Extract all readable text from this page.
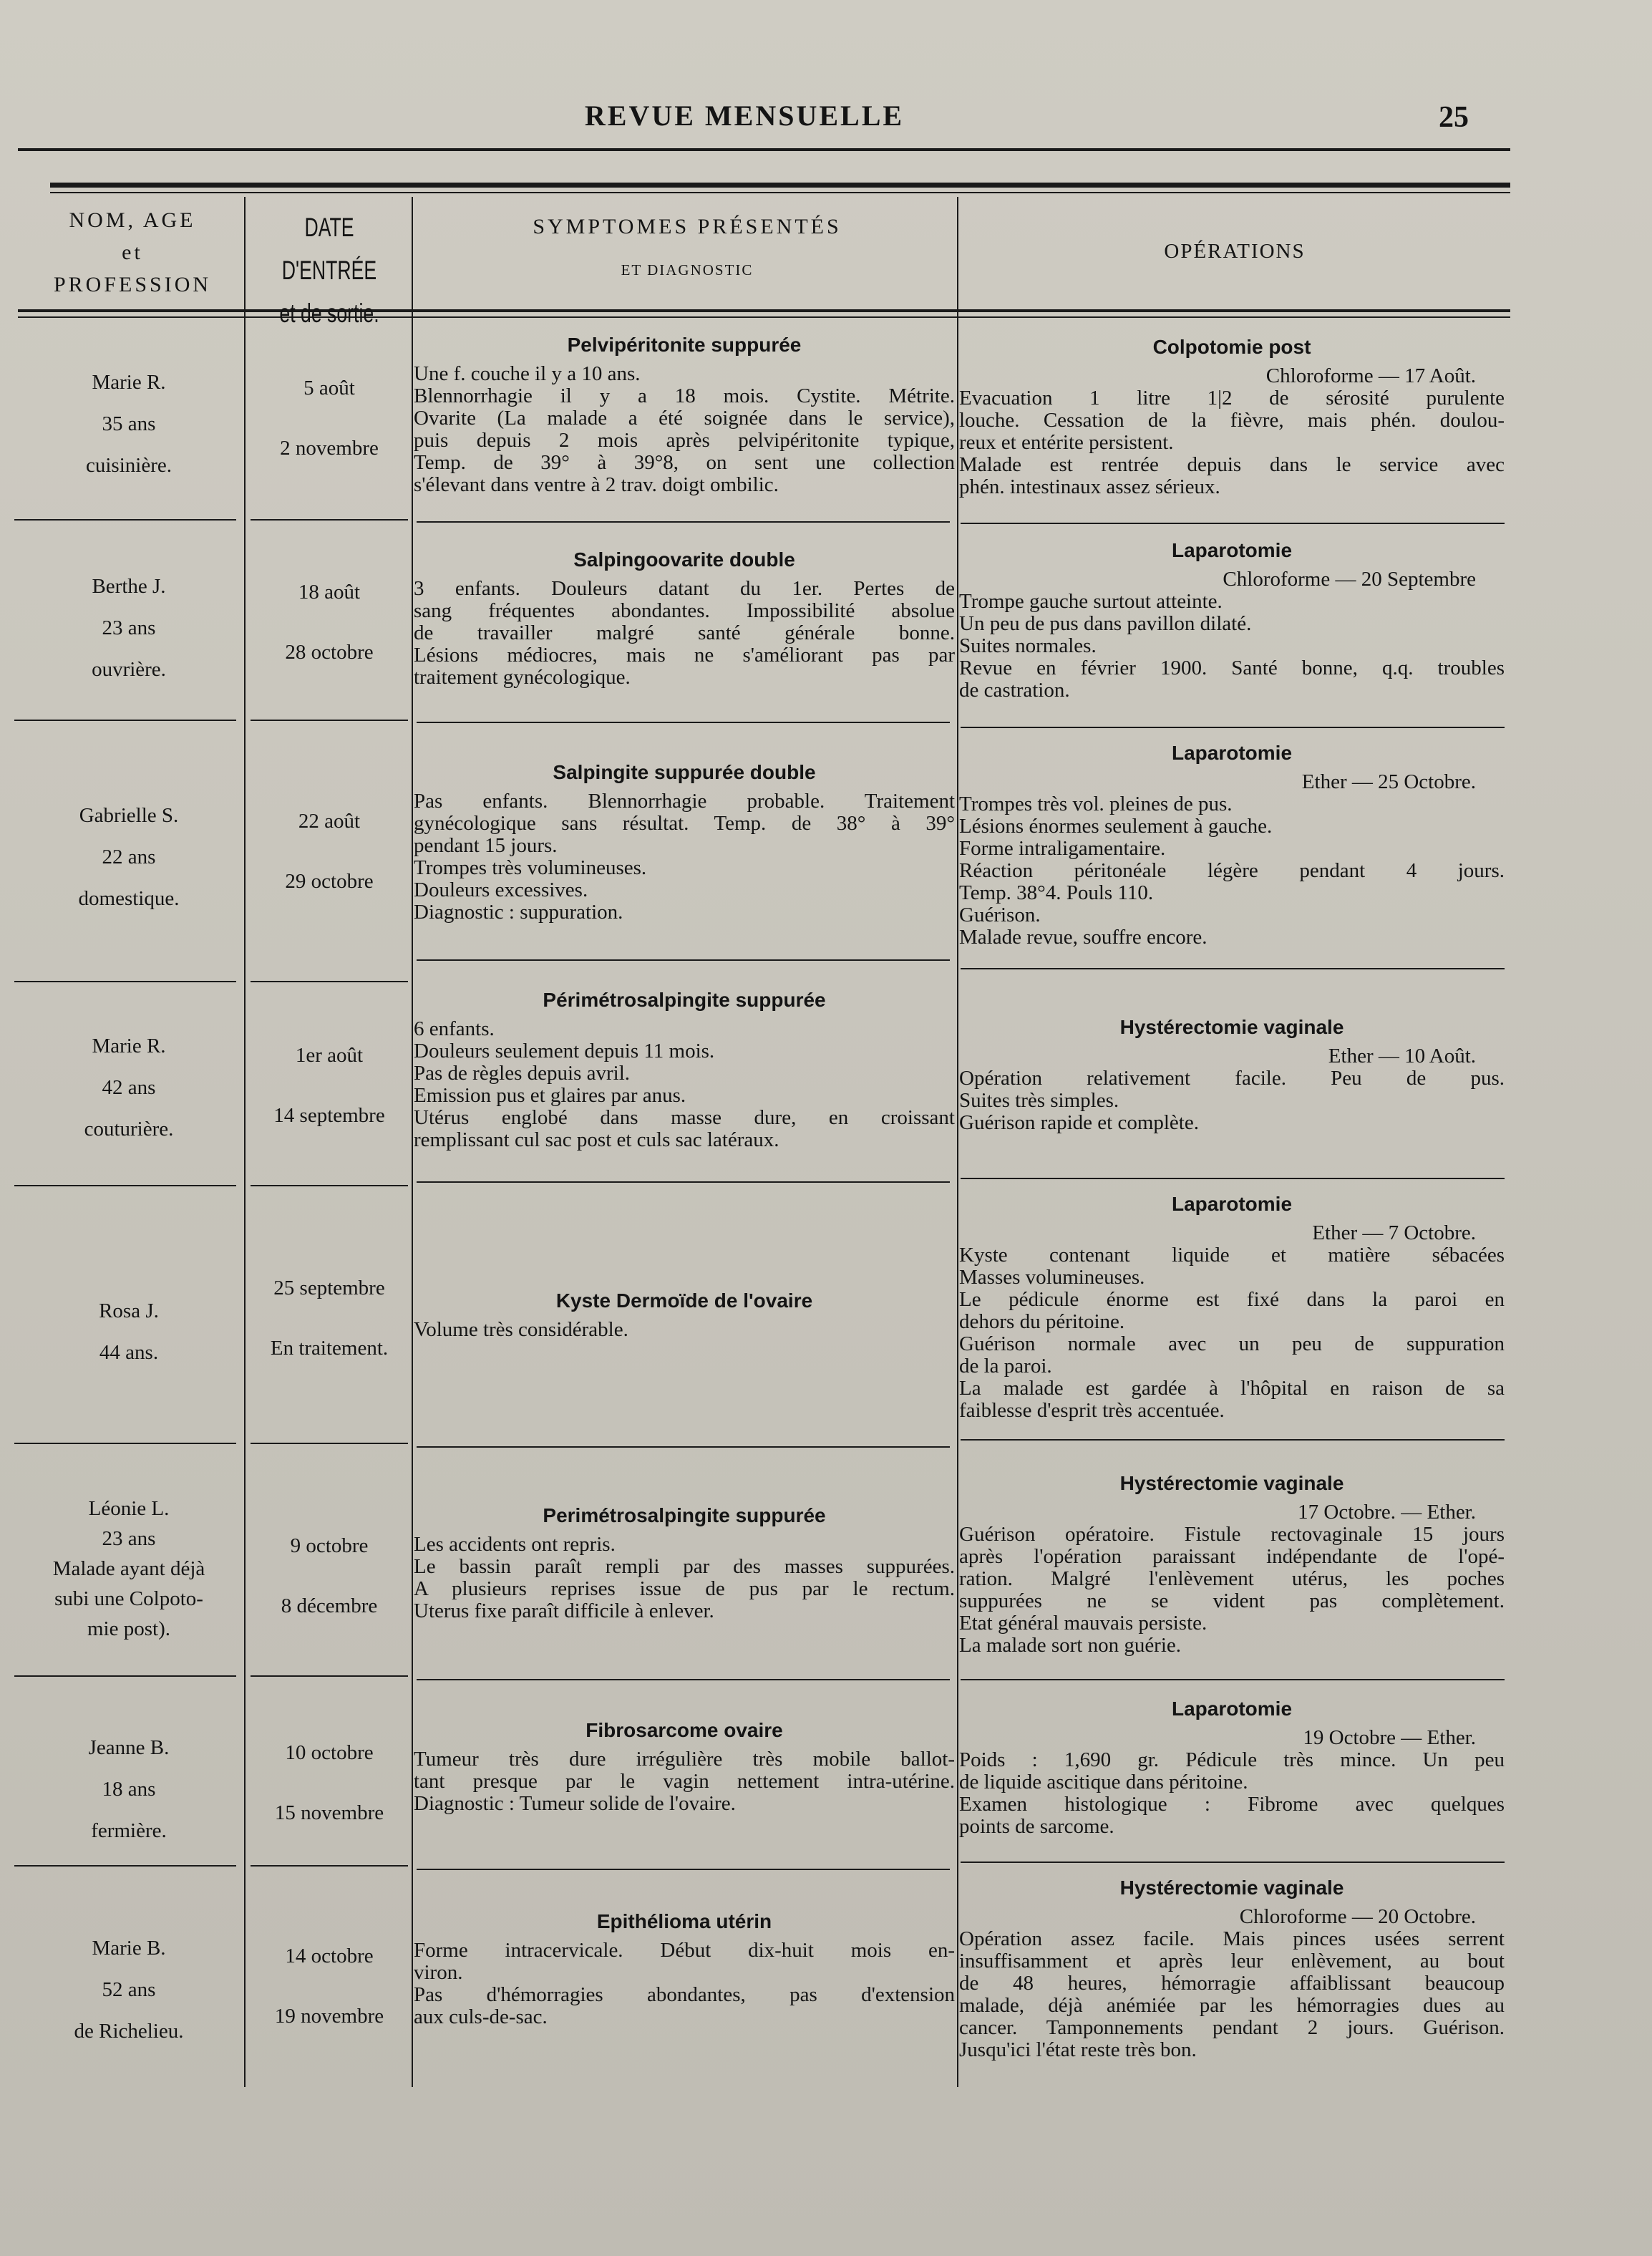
REVUE MENSUELLE	25
NOM, AGE
et
PROFESSION
DATE D'ENTRÉE
et de sortie.
SYMPTOMES PRÉSENTÉS
ET DIAGNOSTIC
OPÉRATIONS
Marie R.
35 ans
cuisinière.
5 août
2 novembre
Pelvipéritonite suppurée
Une f. couche il y a 10 ans.
Blennorrhagie il y a 18 mois. Cystite. Métrite.
Ovarite (La malade a été soignée dans le service),
puis depuis 2 mois après pelvipéritonite typique,
Temp. de 39° à 39°8, on sent une collection
s'élevant dans ventre à 2 trav. doigt ombilic.
Colpotomie post
Chloroforme — 17 Août.
Evacuation 1 litre 1|2 de sérosité purulente
louche. Cessation de la fièvre, mais phén. doulou-
reux et entérite persistent.
Malade est rentrée depuis dans le service avec
phén. intestinaux assez sérieux.
Berthe J.
23 ans
ouvrière.
18 août
28 octobre
Salpingoovarite double
3 enfants. Douleurs datant du 1er. Pertes de
sang fréquentes abondantes. Impossibilité absolue
de travailler malgré santé générale bonne.
Lésions médiocres, mais ne s'améliorant pas par
traitement gynécologique.
Laparotomie
Chloroforme — 20 Septembre
Trompe gauche surtout atteinte.
Un peu de pus dans pavillon dilaté.
Suites normales.
Revue en février 1900. Santé bonne, q.q. troubles
de castration.
Gabrielle S.
22 ans
domestique.
22 août
29 octobre
Salpingite suppurée double
Pas enfants. Blennorrhagie probable. Traitement
gynécologique sans résultat. Temp. de 38° à 39°
pendant 15 jours.
Trompes très volumineuses.
Douleurs excessives.
Diagnostic : suppuration.
Laparotomie
Ether — 25 Octobre.
Trompes très vol. pleines de pus.
Lésions énormes seulement à gauche.
Forme intraligamentaire.
Réaction péritonéale légère pendant 4 jours.
Temp. 38°4. Pouls 110.
Guérison.
Malade revue, souffre encore.
Marie R.
42 ans
couturière.
1er août
14 septembre
Périmétrosalpingite suppurée
6 enfants.
Douleurs seulement depuis 11 mois.
Pas de règles depuis avril.
Emission pus et glaires par anus.
Utérus englobé dans masse dure, en croissant
remplissant cul sac post et culs sac latéraux.
Hystérectomie vaginale
Ether — 10 Août.
Opération relativement facile. Peu de pus.
Suites très simples.
Guérison rapide et complète.
Rosa J.
44 ans.
25 septembre
En traitement.
Kyste Dermoïde de l'ovaire
Volume très considérable.
Laparotomie
Ether — 7 Octobre.
Kyste contenant liquide et matière sébacées
Masses volumineuses.
Le pédicule énorme est fixé dans la paroi en
dehors du péritoine.
Guérison normale avec un peu de suppuration
de la paroi.
La malade est gardée à l'hôpital en raison de sa
faiblesse d'esprit très accentuée.
Léonie L.
23 ans
Malade ayant déjà
subi une Colpoto-
mie post).
9 octobre
8 décembre
Perimétrosalpingite suppurée
Les accidents ont repris.
Le bassin paraît rempli par des masses suppurées.
A plusieurs reprises issue de pus par le rectum.
Uterus fixe paraît difficile à enlever.
Hystérectomie vaginale
17 Octobre. — Ether.
Guérison opératoire. Fistule rectovaginale 15 jours
après l'opération paraissant indépendante de l'opé-
ration. Malgré l'enlèvement utérus, les poches
suppurées ne se vident pas complètement.
Etat général mauvais persiste.
La malade sort non guérie.
Jeanne B.
18 ans
fermière.
10 octobre
15 novembre
Fibrosarcome ovaire
Tumeur très dure irrégulière très mobile ballot-
tant presque par le vagin nettement intra-utérine.
Diagnostic : Tumeur solide de l'ovaire.
Laparotomie
19 Octobre — Ether.
Poids : 1,690 gr. Pédicule très mince. Un peu
de liquide ascitique dans péritoine.
Examen histologique : Fibrome avec quelques
points de sarcome.
Marie B.
52 ans
de Richelieu.
14 octobre
19 novembre
Epithélioma utérin
Forme intracervicale. Début dix-huit mois en-
viron.
Pas d'hémorragies abondantes, pas d'extension
aux culs-de-sac.
Hystérectomie vaginale
Chloroforme — 20 Octobre.
Opération assez facile. Mais pinces usées serrent
insuffisamment et après leur enlèvement, au bout
de 48 heures, hémorragie affaiblissant beaucoup
malade, déjà anémiée par les hémorragies dues au
cancer. Tamponnements pendant 2 jours. Guérison.
Jusqu'ici l'état reste très bon.
